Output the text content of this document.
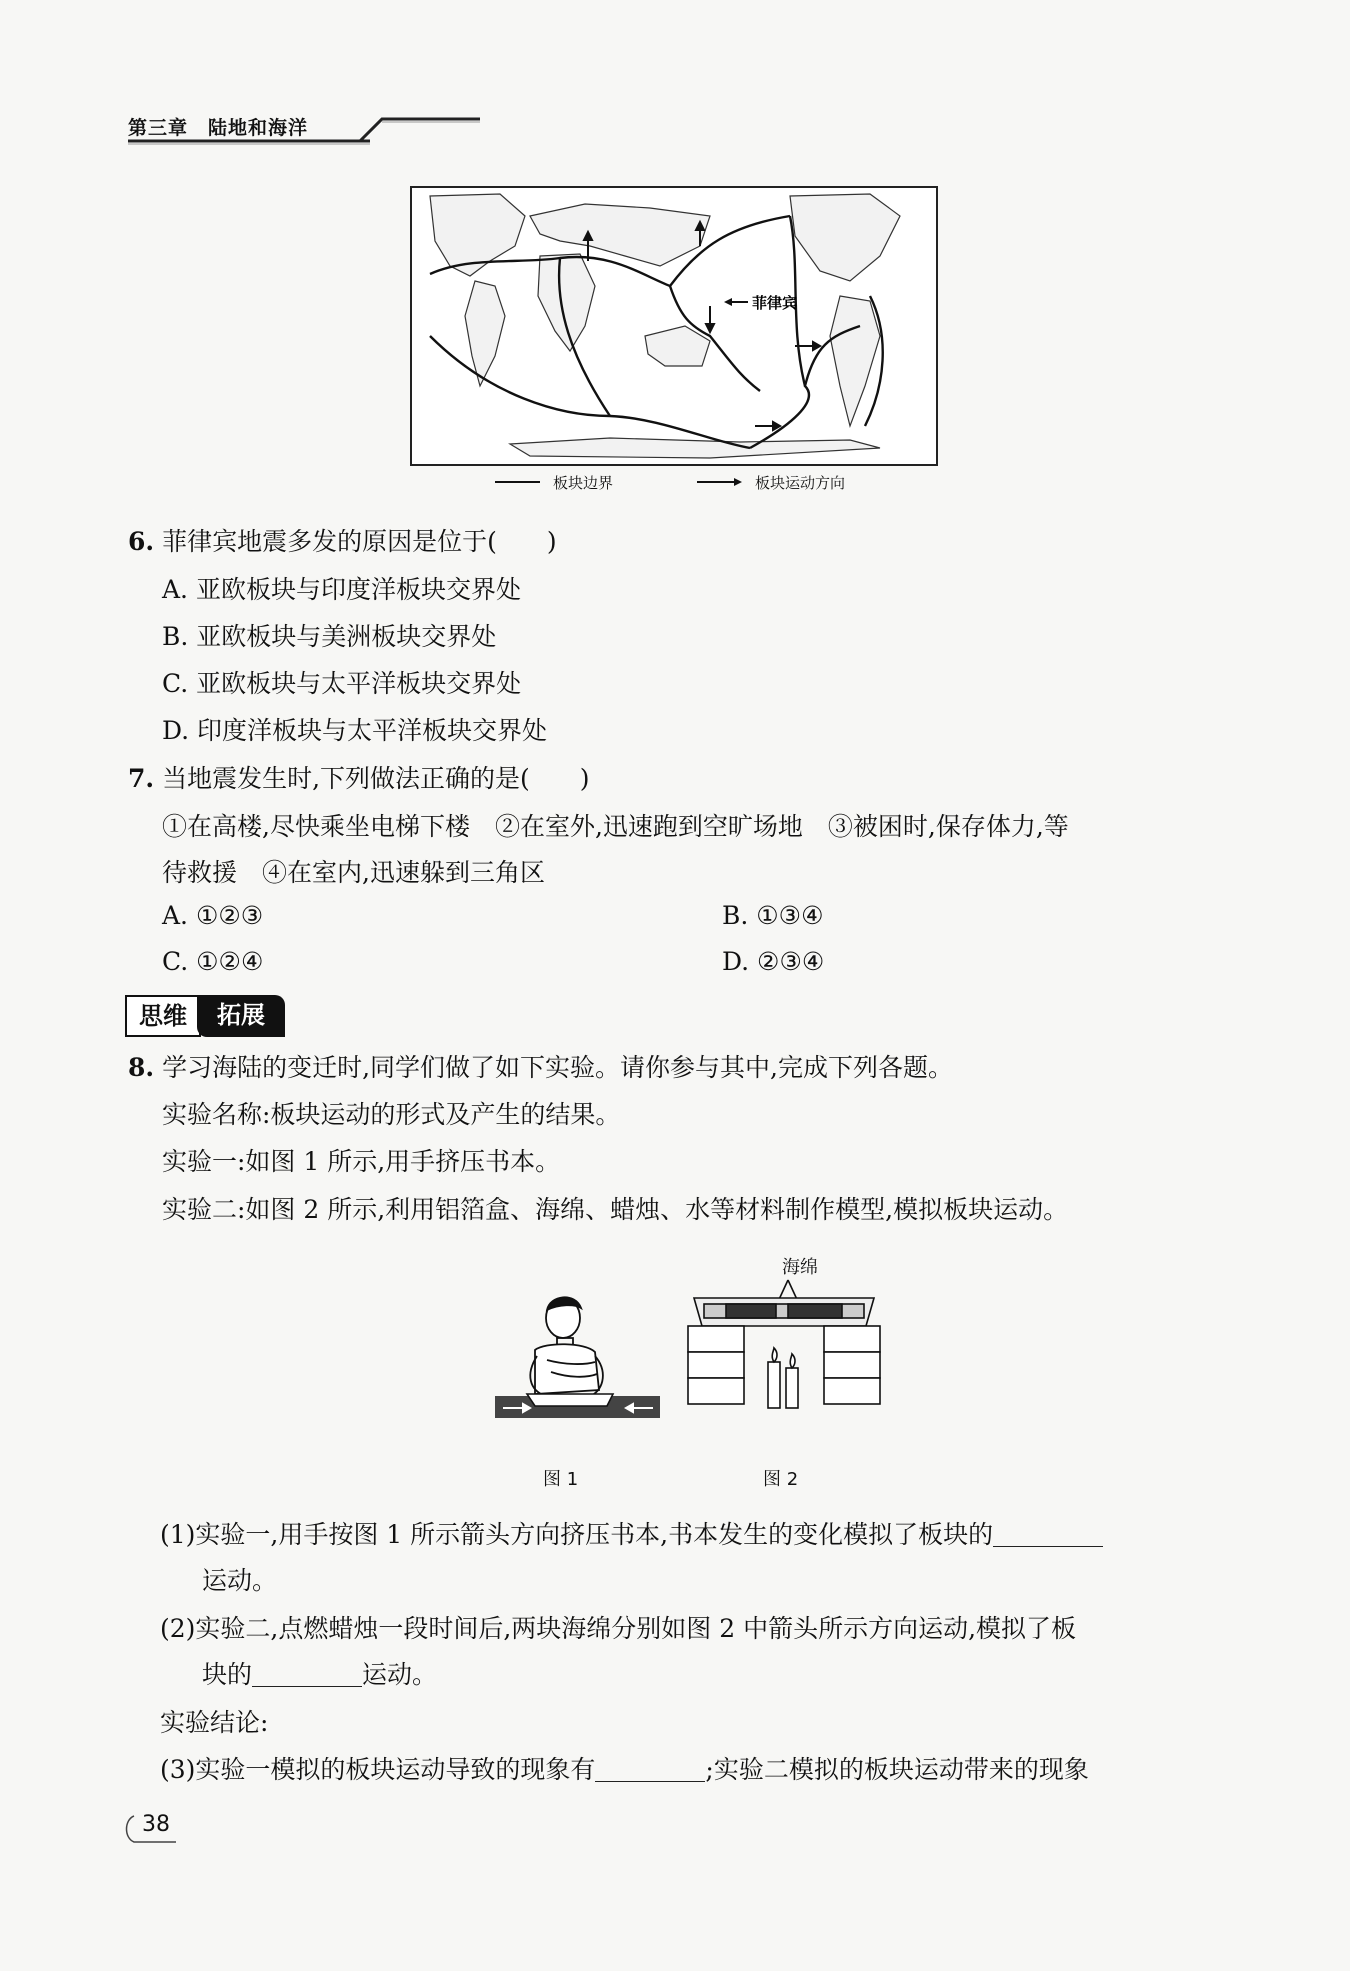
第三章　陆地和海洋
菲律宾
板块边界	板块运动方向
6. 菲律宾地震多发的原因是位于(　　)
A. 亚欧板块与印度洋板块交界处
B. 亚欧板块与美洲板块交界处
C. 亚欧板块与太平洋板块交界处
D. 印度洋板块与太平洋板块交界处
7. 当地震发生时,下列做法正确的是(　　)
①在高楼,尽快乘坐电梯下楼　②在室外,迅速跑到空旷场地　③被困时,保存体力,等
待救援　④在室内,迅速躲到三角区
A. ①②③	B. ①③④
C. ①②④	D. ②③④
思维	拓展
8. 学习海陆的变迁时,同学们做了如下实验。请你参与其中,完成下列各题。
实验名称:板块运动的形式及产生的结果。
实验一:如图 1 所示,用手挤压书本。
实验二:如图 2 所示,利用铝箔盒、海绵、蜡烛、水等材料制作模型,模拟板块运动。
海绵
图 1	图 2
(1)实验一,用手按图 1 所示箭头方向挤压书本,书本发生的变化模拟了板块的
运动。
(2)实验二,点燃蜡烛一段时间后,两块海绵分别如图 2 中箭头所示方向运动,模拟了板
块的	运动。
实验结论:
(3)实验一模拟的板块运动导致的现象有	;实验二模拟的板块运动带来的现象
38
